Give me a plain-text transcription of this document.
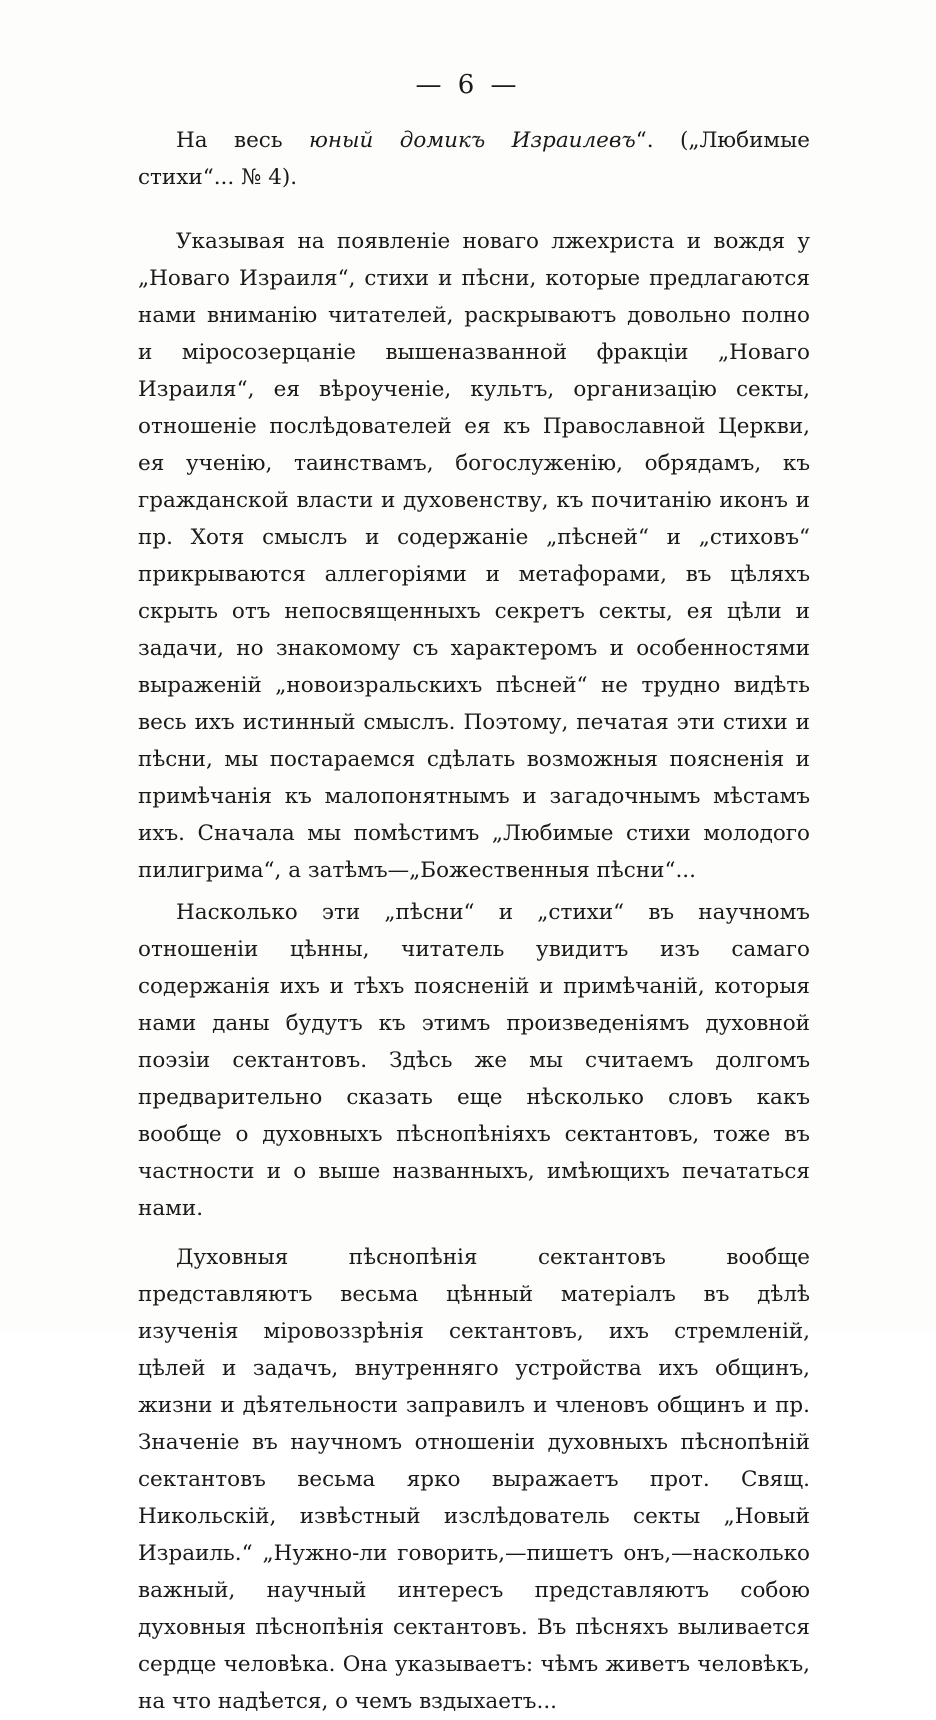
— 6 —

На весь юный домикъ Израилевъ“. („Любимые стихи“... № 4).

Указывая на появленіе новаго лжехриста и вождя у „Новаго Израиля“, стихи и пѣсни, которые предлагаются нами вниманію читателей, раскрываютъ довольно полно и міросозерцаніе вышеназванной фракціи „Новаго Израиля“, ея вѣроученіе, культъ, организацію секты, отношеніе послѣдователей ея къ Православной Церкви, ея ученію, таинствамъ, богослуженію, обрядамъ, къ гражданской власти и духовенству, къ почитанію иконъ и пр. Хотя смыслъ и содержаніе „пѣсней“ и „стиховъ“ прикрываются аллегоріями и метафорами, въ цѣляхъ скрыть отъ непосвященныхъ секретъ секты, ея цѣли и задачи, но знакомому съ характеромъ и особенностями выраженій „новоизральскихъ пѣсней“ не трудно видѣть весь ихъ истинный смыслъ. Поэтому, печатая эти стихи и пѣсни, мы постараемся сдѣлать возможныя поясненія и примѣчанія къ малопонятнымъ и загадочнымъ мѣстамъ ихъ. Сначала мы помѣстимъ „Любимые стихи молодого пилигрима“, а затѣмъ—„Божественныя пѣсни“...

Насколько эти „пѣсни“ и „стихи“ въ научномъ отношеніи цѣнны, читатель увидитъ изъ самаго содержанія ихъ и тѣхъ поясненій и примѣчаній, которыя нами даны будутъ къ этимъ произведеніямъ духовной поэзіи сектантовъ. Здѣсь же мы считаемъ долгомъ предварительно сказать еще нѣсколько словъ какъ вообще о духовныхъ пѣснопѣніяхъ сектантовъ, тоже въ частности и о выше названныхъ, имѣющихъ печататься нами.

Духовныя пѣснопѣнія сектантовъ вообще представляютъ весьма цѣнный матеріалъ въ дѣлѣ изученія міровоззрѣнія сектантовъ, ихъ стремленій, цѣлей и задачъ, внутренняго устройства ихъ общинъ, жизни и дѣятельности заправилъ и членовъ общинъ и пр. Значеніе въ научномъ отношеніи духовныхъ пѣснопѣній сектантовъ весьма ярко выражаетъ прот. Свящ. Никольскій, извѣстный изслѣдователь секты „Новый Израиль.“ „Нужно-ли говорить,—пишетъ онъ,—насколько важный, научный интересъ представляютъ собою духовныя пѣснопѣнія сектантовъ. Въ пѣсняхъ выливается сердце человѣка. Она указываетъ: чѣмъ живетъ человѣкъ, на что надѣется, о чемъ вздыхаетъ...
